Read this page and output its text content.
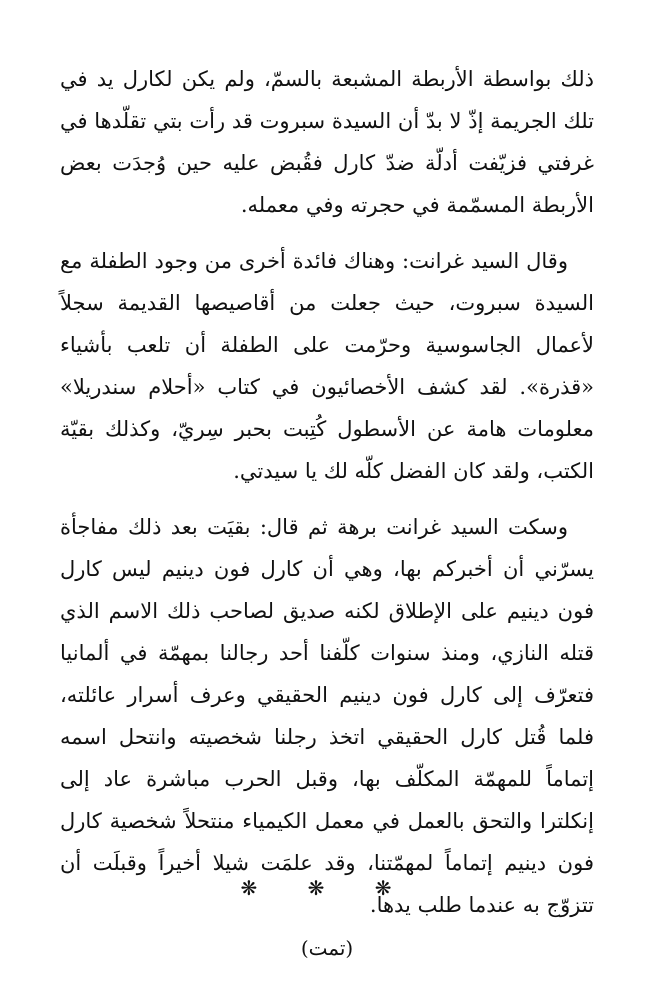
ذلك بواسطة الأربطة المشبعة بالسمّ، ولم يكن لكارل يد في تلك الجريمة إذّ لا بدّ أن السيدة سبروت قد رأت بتي تقلّدها في غرفتي فزيّفت أدلّة ضدّ كارل فقُبض عليه حين وُجدَت بعض الأربطة المسمّمة في حجرته وفي معمله.

وقال السيد غرانت: وهناك فائدة أخرى من وجود الطفلة مع السيدة سبروت، حيث جعلت من أقاصيصها القديمة سجلاً لأعمال الجاسوسية وحرّمت على الطفلة أن تلعب بأشياء «قذرة». لقد كشف الأخصائيون في كتاب «أحلام سندريلا» معلومات هامة عن الأسطول كُتِبت بحبر سِريّ، وكذلك بقيّة الكتب، ولقد كان الفضل كلّه لك يا سيدتي.

وسكت السيد غرانت برهة ثم قال: بقيَت بعد ذلك مفاجأة يسرّني أن أخبركم بها، وهي أن كارل فون دينيم ليس كارل فون دينيم على الإطلاق لكنه صديق لصاحب ذلك الاسم الذي قتله النازي، ومنذ سنوات كلّفنا أحد رجالنا بمهمّة في ألمانيا فتعرّف إلى كارل فون دينيم الحقيقي وعرف أسرار عائلته، فلما قُتل كارل الحقيقي اتخذ رجلنا شخصيته وانتحل اسمه إتماماً للمهمّة المكلّف بها، وقبل الحرب مباشرة عاد إلى إنكلترا والتحق بالعمل في معمل الكيمياء منتحلاً شخصية كارل فون دينيم إتماماً لمهمّتنا، وقد علمَت شيلا أخيراً وقبلَت أن تتزوّج به عندما طلب يدها.

❋ ❋ ❋
(تمت)
